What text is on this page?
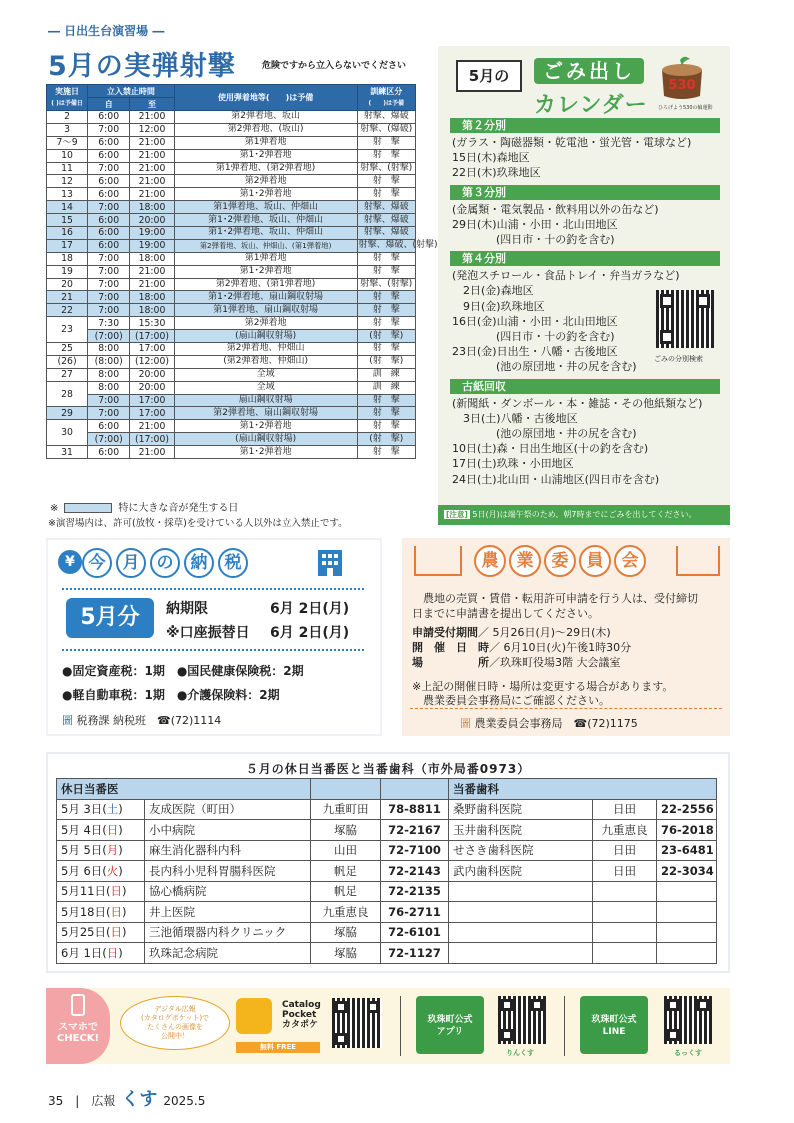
― 日出生台演習場 ―
5月の実弾射撃	危険ですから立入らないでください
実施日
( )は予備日	立入禁止時間		使用弾着地等(　　)は予備	訓練区分
(　　)は予備
	自	至		
2	6:00	21:00	第2弾着地、坂山	射撃、爆破
3	7:00	12:00	第2弾着地、(坂山)	射撃、(爆破)
7〜9	6:00	21:00	第1弾着地	射　撃
10	6:00	21:00	第1･2弾着地	射　撃
11	7:00	21:00	第1弾着地、(第2弾着地)	射撃、(射撃)
12	6:00	21:00	第2弾着地	射　撃
13	6:00	21:00	第1･2弾着地	射　撃
14	7:00	18:00	第1弾着地、坂山、仲畑山	射撃、爆破
15	6:00	20:00	第1･2弾着地、坂山、仲畑山	射撃、爆破
16	6:00	19:00	第1･2弾着地、坂山、仲畑山	射撃、爆破
17	6:00	19:00	第2弾着地、坂山、仲畑山、(第1弾着地)	射撃、爆破、(射撃)
18	7:00	18:00	第1弾着地	射　撃
19	7:00	21:00	第1･2弾着地	射　撃
20	7:00	21:00	第2弾着地、(第1弾着地)	射撃、(射撃)
21	7:00	18:00	第1･2弾着地、扇山鋼収射場	射　撃
22	7:00	18:00	第1弾着地、扇山鋼収射場	射　撃
23	7:30	15:30	第2弾着地	射　撃
	(7:00)	(17:00)	(扇山鋼収射場)	(射　撃)
25	8:00	17:00	第2弾着地、仲畑山	射　撃
(26)	(8:00)	(12:00)	(第2弾着地、仲畑山)	(射　撃)
27	8:00	20:00	全域	訓　練
28	8:00	20:00	全域	訓　練
	7:00	17:00	扇山鋼収射場	射　撃
29	7:00	17:00	第2弾着地、扇山鋼収射場	射　撃
30	6:00	21:00	第1･2弾着地	射　撃
	(7:00)	(17:00)	(扇山鋼収射場)	(射　撃)
31	6:00	21:00	第1･2弾着地	射　撃
※	特に大きな音が発生する日
※演習場内は、許可(放牧・採草)を受けている人以外は立入禁止です。
5月の	ごみ出し
カレンダー
530
ひろげよう530の輪運動
第２分別
(ガラス・陶磁器類・乾電池・蛍光管・電球など)
15日(木)森地区
22日(木)玖珠地区
第３分別
(金属類・電気製品・飲料用以外の缶など)
29日(木)山浦・小田・北山田地区
　　　　(四日市・十の釣を含む)
第４分別
(発泡スチロール・食品トレイ・弁当ガラなど)
　2日(金)森地区
　9日(金)玖珠地区
16日(金)山浦・小田・北山田地区
　　　　(四日市・十の釣を含む)
23日(金)日出生・八幡・古後地区
　　　　(池の原団地・井の尻を含む)
古紙回収
(新聞紙・ダンボール・本・雑誌・その他紙類など)
　3日(土)八幡・古後地区
　　　　(池の原団地・井の尻を含む)
10日(土)森・日出生地区(十の釣を含む)
17日(土)玖珠・小田地区
24日(土)北山田・山浦地区(四日市を含む)
ごみの分別検索
[注意] 5日(月)は端午祭のため、朝7時までにごみを出してください。
¥ 今	月	の	納	税
5月分	納期限	6月 2日(月)
※口座振替日 6月 2日(月)
●固定資産税：1期　●国民健康保険税：2期
●軽自動車税：1期　●介護保険料：2期
圖 税務課 納税班　 ☎(72)1114
農	業	委	員	会
　農地の売買・賃借・転用許可申請を行う人は、受付締切
日までに申請書を提出してください。
申請受付期間／ 5月26日(月)〜29日(木)
開　催　日　時／ 6月10日(火)午後1時30分
場　　　　　所／玖珠町役場3階 大会議室
※上記の開催日時・場所は変更する場合があります。
　農業委員会事務局にご確認ください。
圖 農業委員会事務局　 ☎(72)1175
５月の休日当番医と当番歯科（市外局番0973）
休日当番医				当番歯科		
5月 3日(土)	友成医院（町田）	九重町田	78-8811	桑野歯科医院	日田	22-2556
5月 4日(日)	小中病院	塚脇	72-2167	玉井歯科医院	九重恵良	76-2018
5月 5日(月)	麻生消化器科内科	山田	72-7100	せさき歯科医院	日田	23-6481
5月 6日(火)	長内科小児科胃腸科医院	帆足	72-2143	武内歯科医院	日田	22-3034
5月11日(日)	協心橋病院	帆足	72-2135			
5月18日(日)	井上医院	九重恵良	76-2711			
5月25日(日)	三池循環器内科クリニック	塚脇	72-6101			
6月 1日(日)	玖珠記念病院	塚脇	72-1127			
スマホで
CHECK!
デジタル広報
(カタログポケット)で
たくさんの画像を
公開中！
Catalog
Pocket
カタポケ
無料 FREE
玖珠町公式
アプリ
りんくす
玖珠町公式
LINE
るっくす
35　|　広報 くす 2025.5
